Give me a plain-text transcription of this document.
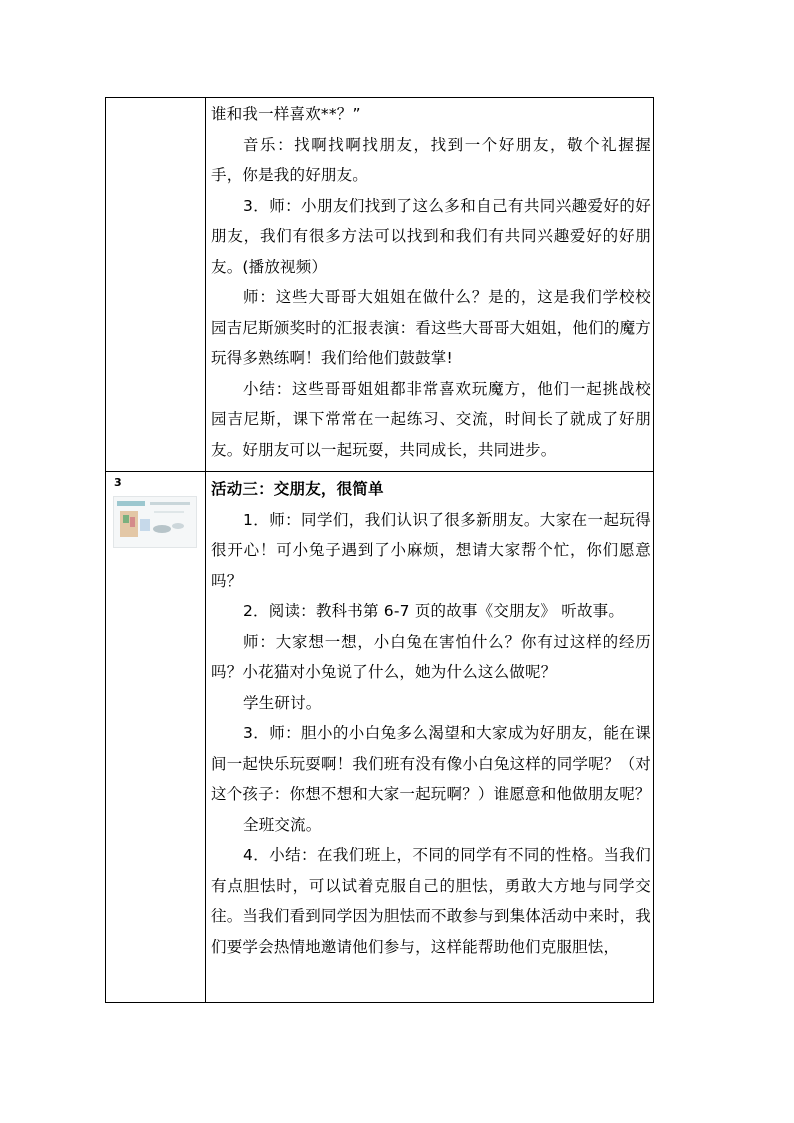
谁和我一样喜欢**？”

音乐：找啊找啊找朋友，找到一个好朋友，敬个礼握握手，你是我的好朋友。

3．师：小朋友们找到了这么多和自己有共同兴趣爱好的好朋友，我们有很多方法可以找到和我们有共同兴趣爱好的好朋友。(播放视频）

师：这些大哥哥大姐姐在做什么？是的，这是我们学校校园吉尼斯颁奖时的汇报表演：看这些大哥哥大姐姐，他们的魔方玩得多熟练啊！我们给他们鼓鼓掌!

小结：这些哥哥姐姐都非常喜欢玩魔方，他们一起挑战校园吉尼斯，课下常常在一起练习、交流，时间长了就成了好朋友。好朋友可以一起玩耍，共同成长，共同进步。

3	活动三：交朋友，很简单

1．师：同学们，我们认识了很多新朋友。大家在一起玩得很开心！可小兔子遇到了小麻烦，想请大家帮个忙，你们愿意吗？

2．阅读：教科书第 6-7 页的故事《交朋友》 听故事。

师：大家想一想，小白兔在害怕什么？你有过这样的经历吗？小花猫对小兔说了什么，她为什么这么做呢？

学生研讨。

3．师：胆小的小白兔多么渴望和大家成为好朋友，能在课间一起快乐玩耍啊！我们班有没有像小白兔这样的同学呢？（对这个孩子：你想不想和大家一起玩啊？）谁愿意和他做朋友呢？

全班交流。

4．小结：在我们班上，不同的同学有不同的性格。当我们有点胆怯时，可以试着克服自己的胆怯，勇敢大方地与同学交往。当我们看到同学因为胆怯而不敢参与到集体活动中来时，我们要学会热情地邀请他们参与，这样能帮助他们克服胆怯，
